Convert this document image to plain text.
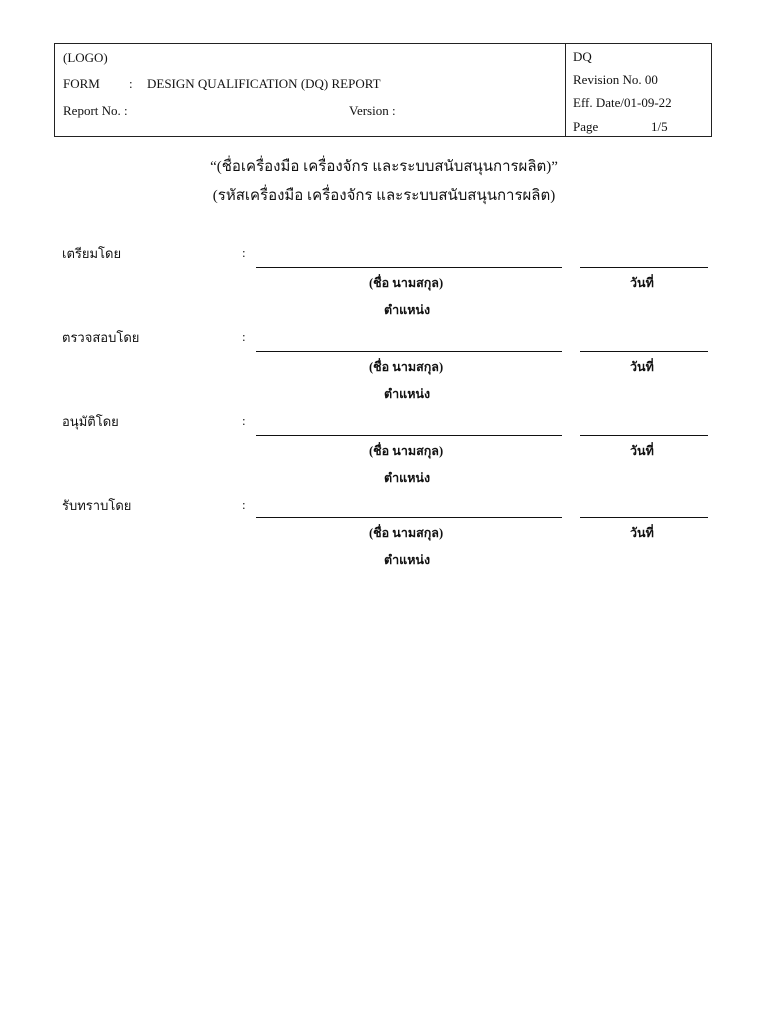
(LOGO)
FORM : DESIGN QUALIFICATION (DQ) REPORT
Report No. :	Version :
DQ
Revision No. 00
Eff. Date/01-09-22
Page	1/5
“(ชื่อเครื่องมือ เครื่องจักร และระบบสนับสนุนการผลิต)”
(รหัสเครื่องมือ เครื่องจักร และระบบสนับสนุนการผลิต)
เตรียมโดย	:
(ชื่อ นามสกุล)	วันที่
ตำแหน่ง
ตรวจสอบโดย	:
(ชื่อ นามสกุล)	วันที่
ตำแหน่ง
อนุมัติโดย	:
(ชื่อ นามสกุล)	วันที่
ตำแหน่ง
รับทราบโดย	:
(ชื่อ นามสกุล)	วันที่
ตำแหน่ง
